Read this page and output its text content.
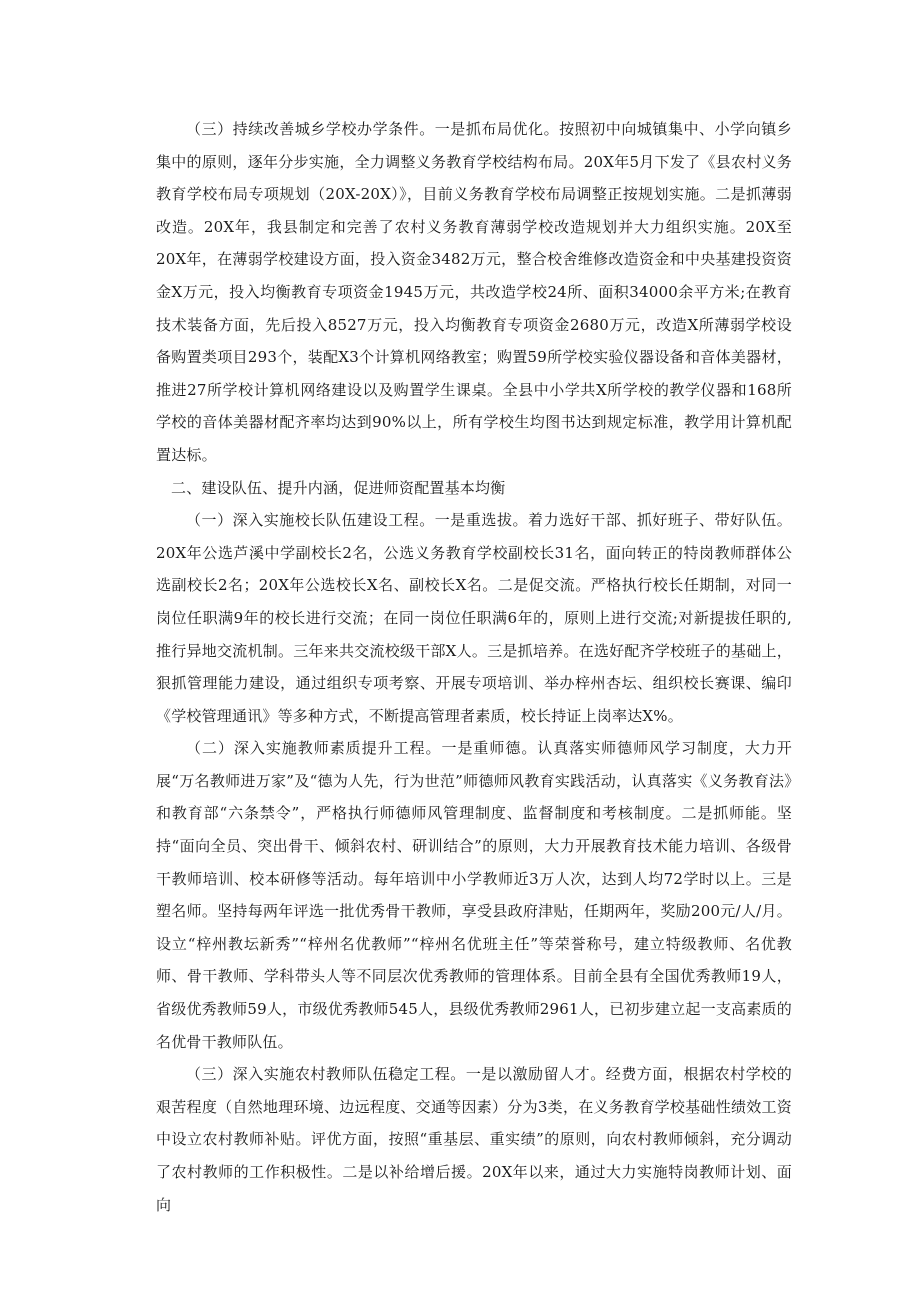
（三）持续改善城乡学校办学条件。一是抓布局优化。按照初中向城镇集中、小学向镇乡集中的原则，逐年分步实施，全力调整义务教育学校结构布局。20X年5月下发了《县农村义务教育学校布局专项规划（20X-20X）》，目前义务教育学校布局调整正按规划实施。二是抓薄弱改造。20X年，我县制定和完善了农村义务教育薄弱学校改造规划并大力组织实施。20X至20X年，在薄弱学校建设方面，投入资金3482万元，整合校舍维修改造资金和中央基建投资资金X万元，投入均衡教育专项资金1945万元，共改造学校24所、面积34000余平方米;在教育技术装备方面，先后投入8527万元，投入均衡教育专项资金2680万元，改造X所薄弱学校设备购置类项目293个，装配X3个计算机网络教室；购置59所学校实验仪器设备和音体美器材，推进27所学校计算机网络建设以及购置学生课桌。全县中小学共X所学校的教学仪器和168所学校的音体美器材配齐率均达到90%以上，所有学校生均图书达到规定标准，教学用计算机配置达标。

二、建设队伍、提升内涵，促进师资配置基本均衡

（一）深入实施校长队伍建设工程。一是重选拔。着力选好干部、抓好班子、带好队伍。20X年公选芦溪中学副校长2名，公选义务教育学校副校长31名，面向转正的特岗教师群体公选副校长2名；20X年公选校长X名、副校长X名。二是促交流。严格执行校长任期制，对同一岗位任职满9年的校长进行交流；在同一岗位任职满6年的，原则上进行交流;对新提拔任职的,推行异地交流机制。三年来共交流校级干部X人。三是抓培养。在选好配齐学校班子的基础上，狠抓管理能力建设，通过组织专项考察、开展专项培训、举办梓州杏坛、组织校长赛课、编印《学校管理通讯》等多种方式，不断提高管理者素质，校长持证上岗率达X%。

（二）深入实施教师素质提升工程。一是重师德。认真落实师德师风学习制度，大力开展“万名教师进万家”及“德为人先，行为世范”师德师风教育实践活动，认真落实《义务教育法》和教育部“六条禁令”，严格执行师德师风管理制度、监督制度和考核制度。二是抓师能。坚持“面向全员、突出骨干、倾斜农村、研训结合”的原则，大力开展教育技术能力培训、各级骨干教师培训、校本研修等活动。每年培训中小学教师近3万人次，达到人均72学时以上。三是塑名师。坚持每两年评选一批优秀骨干教师，享受县政府津贴，任期两年，奖励200元/人/月。设立“梓州教坛新秀”“梓州名优教师”“梓州名优班主任”等荣誉称号，建立特级教师、名优教师、骨干教师、学科带头人等不同层次优秀教师的管理体系。目前全县有全国优秀教师19人，省级优秀教师59人，市级优秀教师545人，县级优秀教师2961人，已初步建立起一支高素质的名优骨干教师队伍。

（三）深入实施农村教师队伍稳定工程。一是以激励留人才。经费方面，根据农村学校的艰苦程度（自然地理环境、边远程度、交通等因素）分为3类，在义务教育学校基础性绩效工资中设立农村教师补贴。评优方面，按照“重基层、重实绩”的原则，向农村教师倾斜，充分调动了农村教师的工作积极性。二是以补给增后援。20X年以来，通过大力实施特岗教师计划、面向
